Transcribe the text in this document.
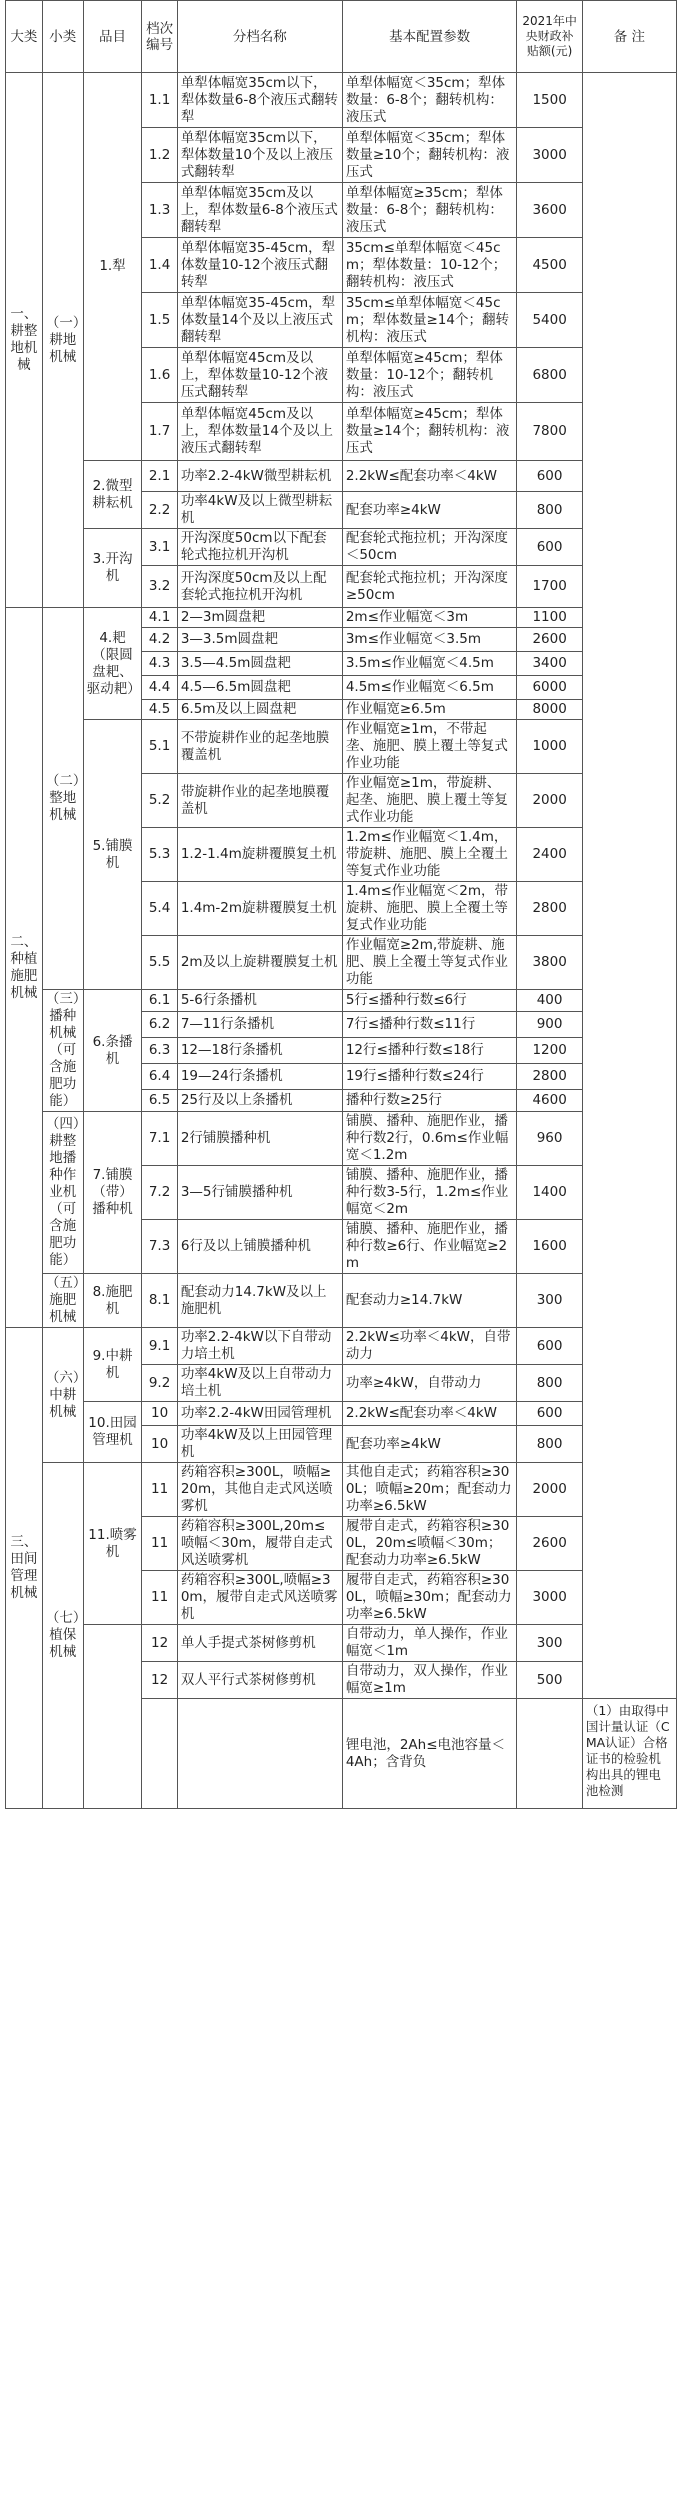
大类	小类	品目	档次编号	分档名称	基本配置参数	2021年中央财政补贴额(元)	备 注
一、耕整地机械	（一）耕地机械	1.犁	1.1	单犁体幅宽35cm以下，犁体数量6-8个液压式翻转犁	单犁体幅宽＜35cm；犁体数量：6-8个；翻转机构：液压式	1500	
			1.2	单犁体幅宽35cm以下，犁体数量10个及以上液压式翻转犁	单犁体幅宽＜35cm；犁体数量≥10个；翻转机构：液压式	3000	
			1.3	单犁体幅宽35cm及以上，犁体数量6-8个液压式翻转犁	单犁体幅宽≥35cm；犁体数量：6-8个；翻转机构：液压式	3600	
			1.4	单犁体幅宽35-45cm，犁体数量10-12个液压式翻转犁	35cm≤单犁体幅宽＜45cm；犁体数量：10-12个；翻转机构：液压式	4500	
			1.5	单犁体幅宽35-45cm，犁体数量14个及以上液压式翻转犁	35cm≤单犁体幅宽＜45cm；犁体数量≥14个；翻转机构：液压式	5400	
			1.6	单犁体幅宽45cm及以上，犁体数量10-12个液压式翻转犁	单犁体幅宽≥45cm；犁体数量：10-12个；翻转机构：液压式	6800	
			1.7	单犁体幅宽45cm及以上，犁体数量14个及以上液压式翻转犁	单犁体幅宽≥45cm；犁体数量≥14个；翻转机构：液压式	7800	
		2.微型耕耘机	2.1	功率2.2-4kW微型耕耘机	2.2kW≤配套功率＜4kW	600	
			2.2	功率4kW及以上微型耕耘机	配套功率≥4kW	800	
		3.开沟机	3.1	开沟深度50cm以下配套轮式拖拉机开沟机	配套轮式拖拉机；开沟深度＜50cm	600	
			3.2	开沟深度50cm及以上配套轮式拖拉机开沟机	配套轮式拖拉机；开沟深度≥50cm	1700	
二、种植施肥机械	（二）整地机械	4.耙（限圆盘耙、驱动耙）	4.1	2—3m圆盘耙	2m≤作业幅宽＜3m	1100	
			4.2	3—3.5m圆盘耙	3m≤作业幅宽＜3.5m	2600	
			4.3	3.5—4.5m圆盘耙	3.5m≤作业幅宽＜4.5m	3400	
			4.4	4.5—6.5m圆盘耙	4.5m≤作业幅宽＜6.5m	6000	
			4.5	6.5m及以上圆盘耙	作业幅宽≥6.5m	8000	
		5.铺膜机	5.1	不带旋耕作业的起垄地膜覆盖机	作业幅宽≥1m，不带起垄、施肥、膜上覆土等复式作业功能	1000	
			5.2	带旋耕作业的起垄地膜覆盖机	作业幅宽≥1m，带旋耕、起垄、施肥、膜上覆土等复式作业功能	2000	
			5.3	1.2-1.4m旋耕覆膜复土机	1.2m≤作业幅宽＜1.4m，带旋耕、施肥、膜上全覆土等复式作业功能	2400	
			5.4	1.4m-2m旋耕覆膜复土机	1.4m≤作业幅宽＜2m，带旋耕、施肥、膜上全覆土等复式作业功能	2800	
			5.5	2m及以上旋耕覆膜复土机	作业幅宽≥2m,带旋耕、施肥、膜上全覆土等复式作业功能	3800	
	（三）播种机械（可含施肥功能）	6.条播机	6.1	5-6行条播机	5行≤播种行数≤6行	400	
			6.2	7—11行条播机	7行≤播种行数≤11行	900	
			6.3	12—18行条播机	12行≤播种行数≤18行	1200	
			6.4	19—24行条播机	19行≤播种行数≤24行	2800	
			6.5	25行及以上条播机	播种行数≥25行	4600	
	（四）耕整地播种作业机（可含施肥功能）	7.铺膜（带）播种机	7.1	2行铺膜播种机	铺膜、播种、施肥作业，播种行数2行，0.6m≤作业幅宽＜1.2m	960	
			7.2	3—5行铺膜播种机	铺膜、播种、施肥作业，播种行数3-5行，1.2m≤作业幅宽＜2m	1400	
			7.3	6行及以上铺膜播种机	铺膜、播种、施肥作业，播种行数≥6行、作业幅宽≥2m	1600	
	（五）施肥机械	8.施肥机	8.1	配套动力14.7kW及以上施肥机	配套动力≥14.7kW	300	
三、田间管理机械	（六）中耕机械	9.中耕机	9.1	功率2.2-4kW以下自带动力培土机	2.2kW≤功率＜4kW，自带动力	600	
			9.2	功率4kW及以上自带动力培土机	功率≥4kW，自带动力	800	
		10.田园管理机	10	功率2.2-4kW田园管理机	2.2kW≤配套功率＜4kW	600	
			10	功率4kW及以上田园管理机	配套功率≥4kW	800	
	（七）植保机械	11.喷雾机	11	药箱容积≥300L，喷幅≥20m，其他自走式风送喷雾机	其他自走式；药箱容积≥300L；喷幅≥20m；配套动力功率≥6.5kW	2000	
			11	药箱容积≥300L,20m≤喷幅＜30m，履带自走式风送喷雾机	履带自走式，药箱容积≥300L，20m≤喷幅＜30m；配套动力功率≥6.5kW	2600	
			11	药箱容积≥300L,喷幅≥30m，履带自走式风送喷雾机	履带自走式，药箱容积≥300L，喷幅≥30m；配套动力功率≥6.5kW	3000	
			12	单人手提式茶树修剪机	自带动力，单人操作，作业幅宽＜1m	300	
			12	双人平行式茶树修剪机	自带动力，双人操作，作业幅宽≥1m	500	
					锂电池，2Ah≤电池容量＜4Ah；含背负		（1）由取得中国计量认证（CMA认证）合格证书的检验机构出具的锂电池检测
